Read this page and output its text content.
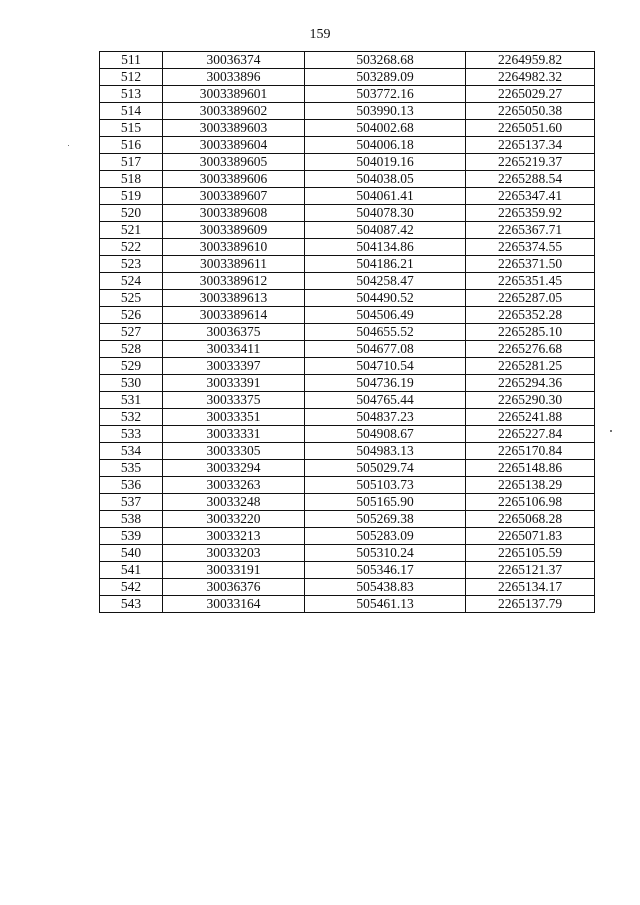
159
511	30036374	503268.68	2264959.82
512	30033896	503289.09	2264982.32
513	3003389601	503772.16	2265029.27
514	3003389602	503990.13	2265050.38
515	3003389603	504002.68	2265051.60
516	3003389604	504006.18	2265137.34
517	3003389605	504019.16	2265219.37
518	3003389606	504038.05	2265288.54
519	3003389607	504061.41	2265347.41
520	3003389608	504078.30	2265359.92
521	3003389609	504087.42	2265367.71
522	3003389610	504134.86	2265374.55
523	3003389611	504186.21	2265371.50
524	3003389612	504258.47	2265351.45
525	3003389613	504490.52	2265287.05
526	3003389614	504506.49	2265352.28
527	30036375	504655.52	2265285.10
528	30033411	504677.08	2265276.68
529	30033397	504710.54	2265281.25
530	30033391	504736.19	2265294.36
531	30033375	504765.44	2265290.30
532	30033351	504837.23	2265241.88
533	30033331	504908.67	2265227.84
534	30033305	504983.13	2265170.84
535	30033294	505029.74	2265148.86
536	30033263	505103.73	2265138.29
537	30033248	505165.90	2265106.98
538	30033220	505269.38	2265068.28
539	30033213	505283.09	2265071.83
540	30033203	505310.24	2265105.59
541	30033191	505346.17	2265121.37
542	30036376	505438.83	2265134.17
543	30033164	505461.13	2265137.79
